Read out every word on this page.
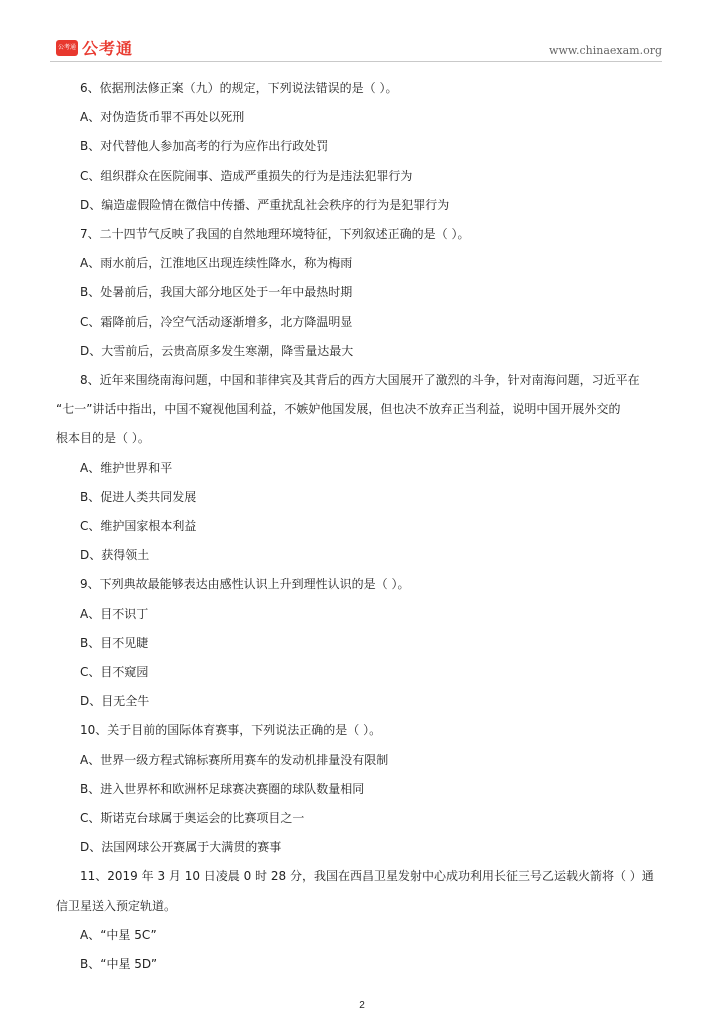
公考通 公考通	www.chinaexam.org
6、依据刑法修正案（九）的规定，下列说法错误的是（ ）。
A、对伪造货币罪不再处以死刑
B、对代替他人参加高考的行为应作出行政处罚
C、组织群众在医院闹事、造成严重损失的行为是违法犯罪行为
D、编造虚假险情在微信中传播、严重扰乱社会秩序的行为是犯罪行为
7、二十四节气反映了我国的自然地理环境特征，下列叙述正确的是（ ）。
A、雨水前后，江淮地区出现连续性降水，称为梅雨
B、处暑前后，我国大部分地区处于一年中最热时期
C、霜降前后，冷空气活动逐渐增多，北方降温明显
D、大雪前后，云贵高原多发生寒潮，降雪量达最大
8、近年来围绕南海问题，中国和菲律宾及其背后的西方大国展开了激烈的斗争，针对南海问题，习近平在
“七一”讲话中指出，中国不窥视他国利益，不嫉妒他国发展，但也决不放弃正当利益，说明中国开展外交的
根本目的是（ ）。
A、维护世界和平
B、促进人类共同发展
C、维护国家根本利益
D、获得领土
9、下列典故最能够表达由感性认识上升到理性认识的是（ ）。
A、目不识丁
B、目不见睫
C、目不窥园
D、目无全牛
10、关于目前的国际体育赛事，下列说法正确的是（ ）。
A、世界一级方程式锦标赛所用赛车的发动机排量没有限制
B、进入世界杯和欧洲杯足球赛决赛圈的球队数量相同
C、斯诺克台球属于奥运会的比赛项目之一
D、法国网球公开赛属于大满贯的赛事
11、2019 年 3 月 10 日凌晨 0 时 28 分，我国在西昌卫星发射中心成功利用长征三号乙运载火箭将（ ）通
信卫星送入预定轨道。
A、“中星 5C”
B、“中星 5D”
2
